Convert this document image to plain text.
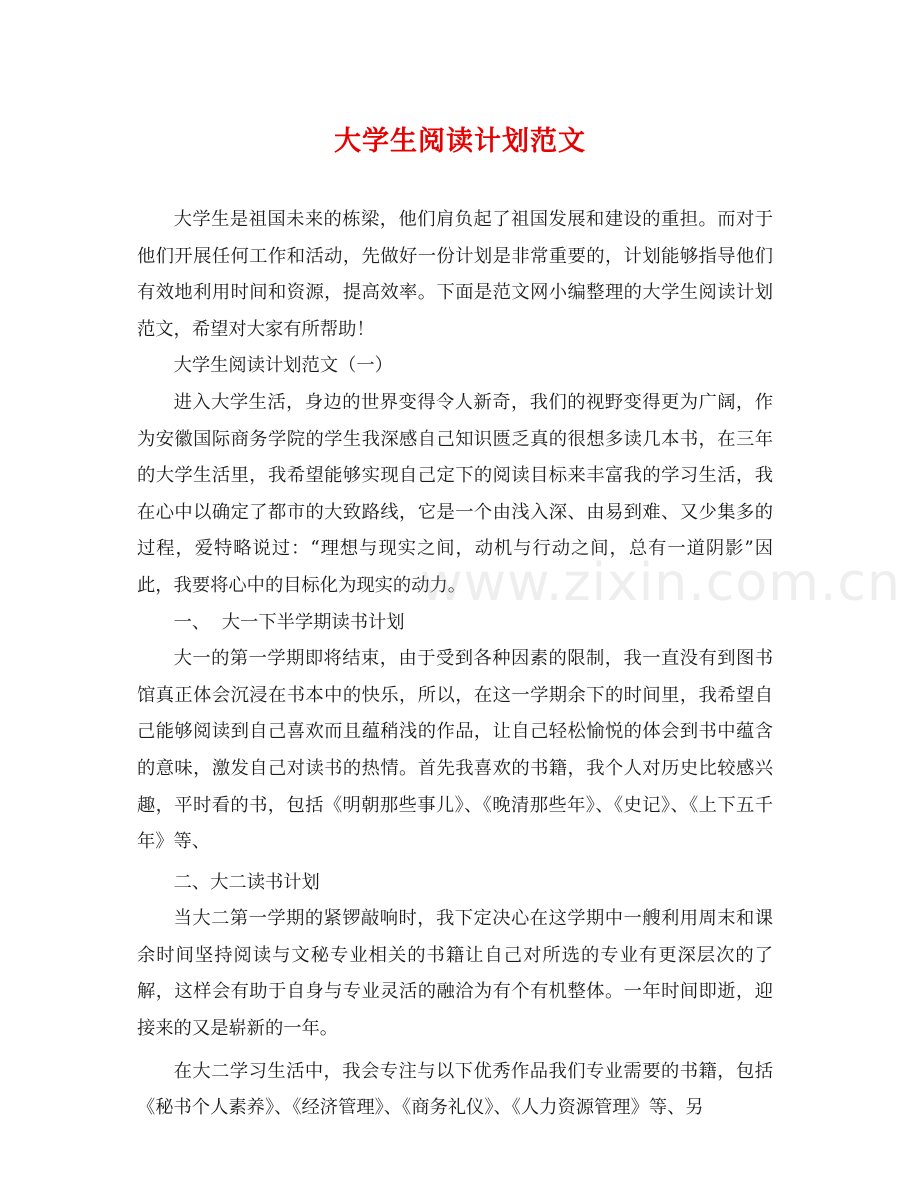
大学生阅读计划范文

大学生是祖国未来的栋梁，他们肩负起了祖国发展和建设的重担。而对于他们开展任何工作和活动，先做好一份计划是非常重要的，计划能够指导他们有效地利用时间和资源，提高效率。下面是范文网小编整理的大学生阅读计划范文，希望对大家有所帮助！

大学生阅读计划范文（一）

进入大学生活，身边的世界变得令人新奇，我们的视野变得更为广阔，作为安徽国际商务学院的学生我深感自己知识匮乏真的很想多读几本书，在三年的大学生活里，我希望能够实现自己定下的阅读目标来丰富我的学习生活，我在心中以确定了都市的大致路线，它是一个由浅入深、由易到难、又少集多的过程，爱特略说过：“理想与现实之间，动机与行动之间，总有一道阴影”因此，我要将心中的目标化为现实的动力。

一、  大一下半学期读书计划

大一的第一学期即将结束，由于受到各种因素的限制，我一直没有到图书馆真正体会沉浸在书本中的快乐，所以，在这一学期余下的时间里，我希望自己能够阅读到自己喜欢而且蕴稍浅的作品，让自己轻松愉悦的体会到书中蕴含的意味，激发自己对读书的热情。首先我喜欢的书籍，我个人对历史比较感兴趣，平时看的书，包括《明朝那些事儿》、《晚清那些年》、《史记》、《上下五千年》等、

二、大二读书计划

当大二第一学期的紧锣敲响时，我下定决心在这学期中一艘利用周末和课余时间坚持阅读与文秘专业相关的书籍让自己对所选的专业有更深层次的了解，这样会有助于自身与专业灵活的融洽为有个有机整体。一年时间即逝，迎接来的又是崭新的一年。

在大二学习生活中，我会专注与以下优秀作品我们专业需要的书籍，包括《秘书个人素养》、《经济管理》、《商务礼仪》、《人力资源管理》等、另

www.zixin.com.cn
